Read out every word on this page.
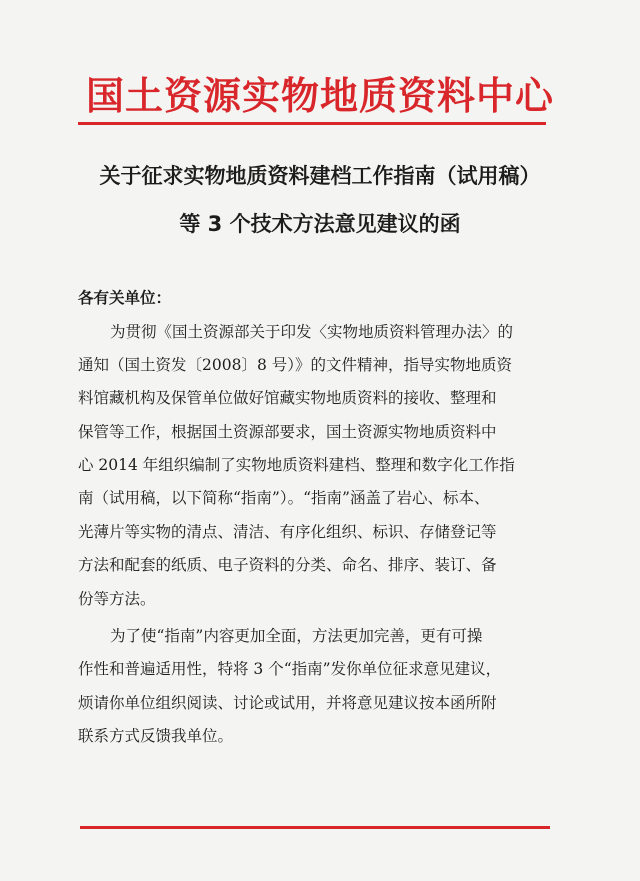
国土资源实物地质资料中心
关于征求实物地质资料建档工作指南（试用稿）
等 3 个技术方法意见建议的函
各有关单位：
为贯彻《国土资源部关于印发〈实物地质资料管理办法〉的
通知（国土资发〔2008〕8 号）》的文件精神，指导实物地质资
料馆藏机构及保管单位做好馆藏实物地质资料的接收、整理和
保管等工作，根据国土资源部要求，国土资源实物地质资料中
心 2014 年组织编制了实物地质资料建档、整理和数字化工作指
南（试用稿，以下简称“指南”）。“指南”涵盖了岩心、标本、
光薄片等实物的清点、清洁、有序化组织、标识、存储登记等
方法和配套的纸质、电子资料的分类、命名、排序、装订、备
份等方法。
为了使“指南”内容更加全面，方法更加完善，更有可操
作性和普遍适用性，特将 3 个“指南”发你单位征求意见建议，
烦请你单位组织阅读、讨论或试用，并将意见建议按本函所附
联系方式反馈我单位。
